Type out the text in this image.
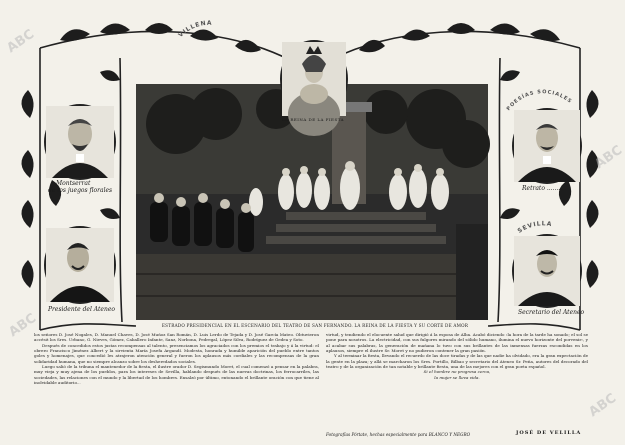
VILLENA
POESÍAS SOCIALES
SEVILLA
LA REINA DE LA FIESTA
Montserrat
de los juegos florales
Presidente del Ateneo
Retrato ..........
Secretario del Ateneo
ESTRADO PRESIDENCIAL EN EL ESCENARIO DEL TEATRO DE SAN FERNANDO. LA REINA DE LA FIESTA Y SU CORTE DE AMOR

los señores D. José Nogales, D. Manuel Chaves, D. José Muñoz San Román, D. Luis Lerdo de Tejada y D. José García Mateo. Obtuvieron accésit los Sres. Urbano, G. Nieves, Gómez, Caballero Infante, Sanz, Norbona, Pedregal, López Silva, Rodríguez de Gedea y Soto.

Después de concedidos estos justas recompensas al talento, presenciamos los agraciados con los premios el trabajo y á la virtud: el obrero Francisco Jiménez Albert y la sirvienta María Josefa Argandí. Modesta, honrada y humilde aparición del pueblo entre tantos goles y homenajes, que concedió les atrajeron atención general y fueron los aplausos más cordiales y las recompensas de la gran solidaridad humana, que no siempre alcanzo sobre los desheredados sociales.

Luego salió de la tribuna el mantenedor de la fiesta, el ilustre orador D. Segismundo Moret, el cual comenzó a pensar en la palabra, muy vieja y muy ajena de los pueblos, para los intereses de Sevilla, hablando después de las nuevas doctrinas, los ferrocarriles, las sociedades, las relaciones con el mundo y la libertad de los hombres. Ensalzó por último, entonando el brillante oración con que tiene al inolvidable auditorio...

virtud, y tendiendo el elocuente salud que dirigió á la esposa de Alba. Acabó diciendo ‹la hora de la tarde ha sonado; el sol se pone para nosotros. La electricidad, con sus fulgores mirando del sólido humano, ilumina el nuevo horizonte del porvenir›, y al acabar sus palabras, la generación de mañana lo tuvo con sus brillantes de las inmensas fuerzas escondidas en los aplausos, siempre el ilustre Sr. Moret y no pudieron contener la gran pasión.

Y al terminar la fiesta, llevando el recuerdo de las doce tiradas y de las que nadie ha olvidado, era la gran expectación de la gente en la plaza; y allá se marcharon los Sres. Portillo, Bilbao y secretario del Ateneo Sr. Peña, autores del decorado del teatro y de la organización de tan notable y brillante fiesta, una de las mejores con el gran poeta español.

Si el hombre no progresa cerca,

la mujer se lleva vida.

Fotografías Pórtate, hechas especialmente para BLANCO Y NEGRO	JOSÉ DE VELILLA
ABC
ABC
ABC
ABC
